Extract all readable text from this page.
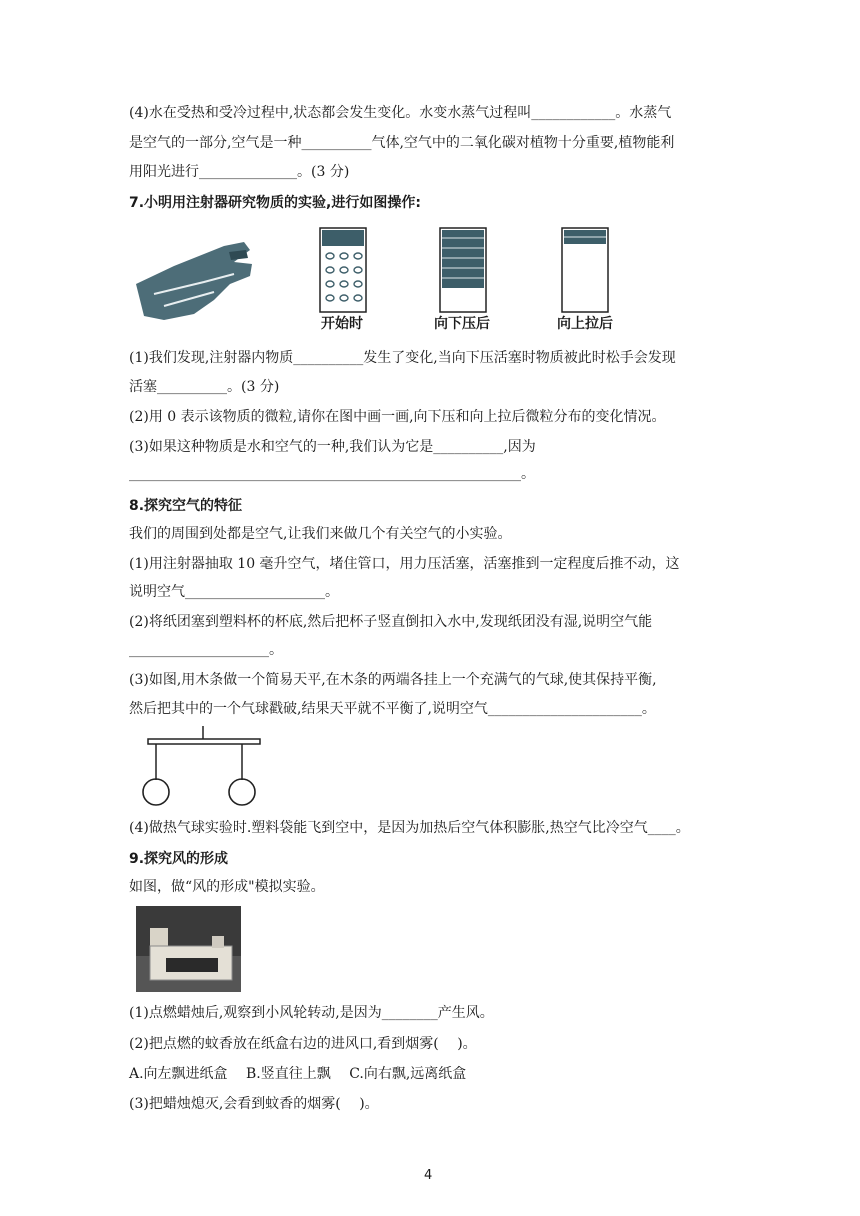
(4)水在受热和受冷过程中,状态都会发生变化。水变水蒸气过程叫____________。水蒸气
是空气的一部分,空气是一种__________气体,空气中的二氧化碳对植物十分重要,植物能利
用阳光进行______________。(3 分)
7.小明用注射器研究物质的实验,进行如图操作:
开始时	向下压后	向上拉后
(1)我们发现,注射器内物质__________发生了变化,当向下压活塞时物质被此时松手会发现
活塞__________。(3 分)
(2)用 0 表示该物质的微粒,请你在图中画一画,向下压和向上拉后微粒分布的变化情况。
(3)如果这种物质是水和空气的一种,我们认为它是__________,因为
________________________________________________________。
8.探究空气的特征
我们的周围到处都是空气,让我们来做几个有关空气的小实验。
(1)用注射器抽取 10 毫升空气，堵住管口，用力压活塞，活塞推到一定程度后推不动，这
说明空气____________________。
(2)将纸团塞到塑料杯的杯底,然后把杯子竖直倒扣入水中,发现纸团没有湿,说明空气能
____________________。
(3)如图,用木条做一个简易天平,在木条的两端各挂上一个充满气的气球,使其保持平衡,
然后把其中的一个气球戳破,结果天平就不平衡了,说明空气______________________。
(4)做热气球实验时.塑料袋能飞到空中，是因为加热后空气体积膨胀,热空气比冷空气____。
9.探究风的形成
如图，做“风的形成"模拟实验。
(1)点燃蜡烛后,观察到小风轮转动,是因为________产生风。
(2)把点燃的蚊香放在纸盒右边的进风口,看到烟雾(　 )。
A.向左飘进纸盒　 B.竖直往上飘　 C.向右飘,远离纸盒
(3)把蜡烛熄灭,会看到蚊香的烟雾(　 )。
4
